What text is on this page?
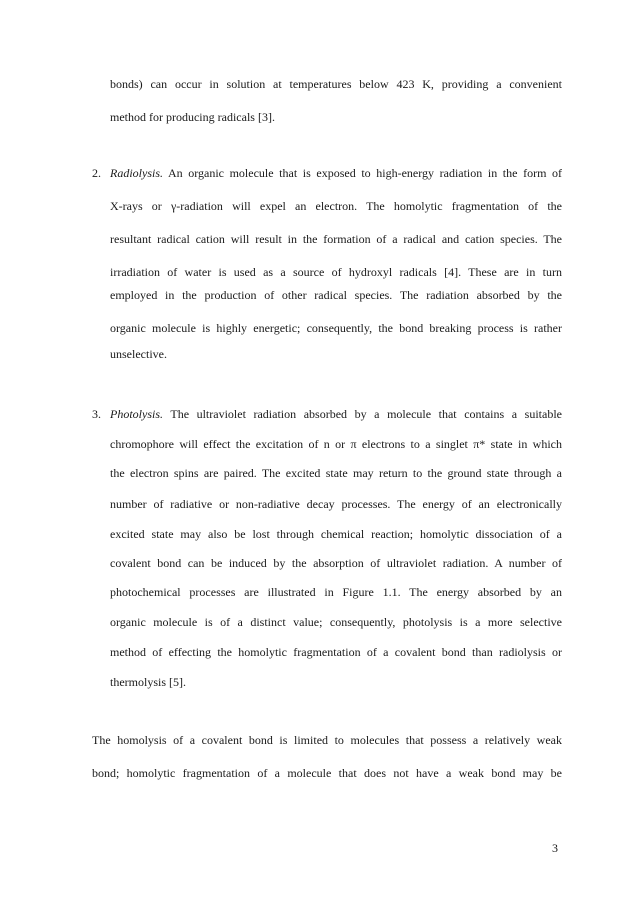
bonds) can occur in solution at temperatures below 423 K, providing a convenient
method for producing radicals [3].
2. Radiolysis. An organic molecule that is exposed to high-energy radiation in the form of
X-rays or γ-radiation will expel an electron. The homolytic fragmentation of the
resultant radical cation will result in the formation of a radical and cation species. The
irradiation of water is used as a source of hydroxyl radicals [4]. These are in turn
employed in the production of other radical species. The radiation absorbed by the
organic molecule is highly energetic; consequently, the bond breaking process is rather
unselective.
3. Photolysis. The ultraviolet radiation absorbed by a molecule that contains a suitable
chromophore will effect the excitation of n or π electrons to a singlet π* state in which
the electron spins are paired. The excited state may return to the ground state through a
number of radiative or non-radiative decay processes. The energy of an electronically
excited state may also be lost through chemical reaction; homolytic dissociation of a
covalent bond can be induced by the absorption of ultraviolet radiation. A number of
photochemical processes are illustrated in Figure 1.1. The energy absorbed by an
organic molecule is of a distinct value; consequently, photolysis is a more selective
method of effecting the homolytic fragmentation of a covalent bond than radiolysis or
thermolysis [5].
The homolysis of a covalent bond is limited to molecules that possess a relatively weak
bond; homolytic fragmentation of a molecule that does not have a weak bond may be
3
